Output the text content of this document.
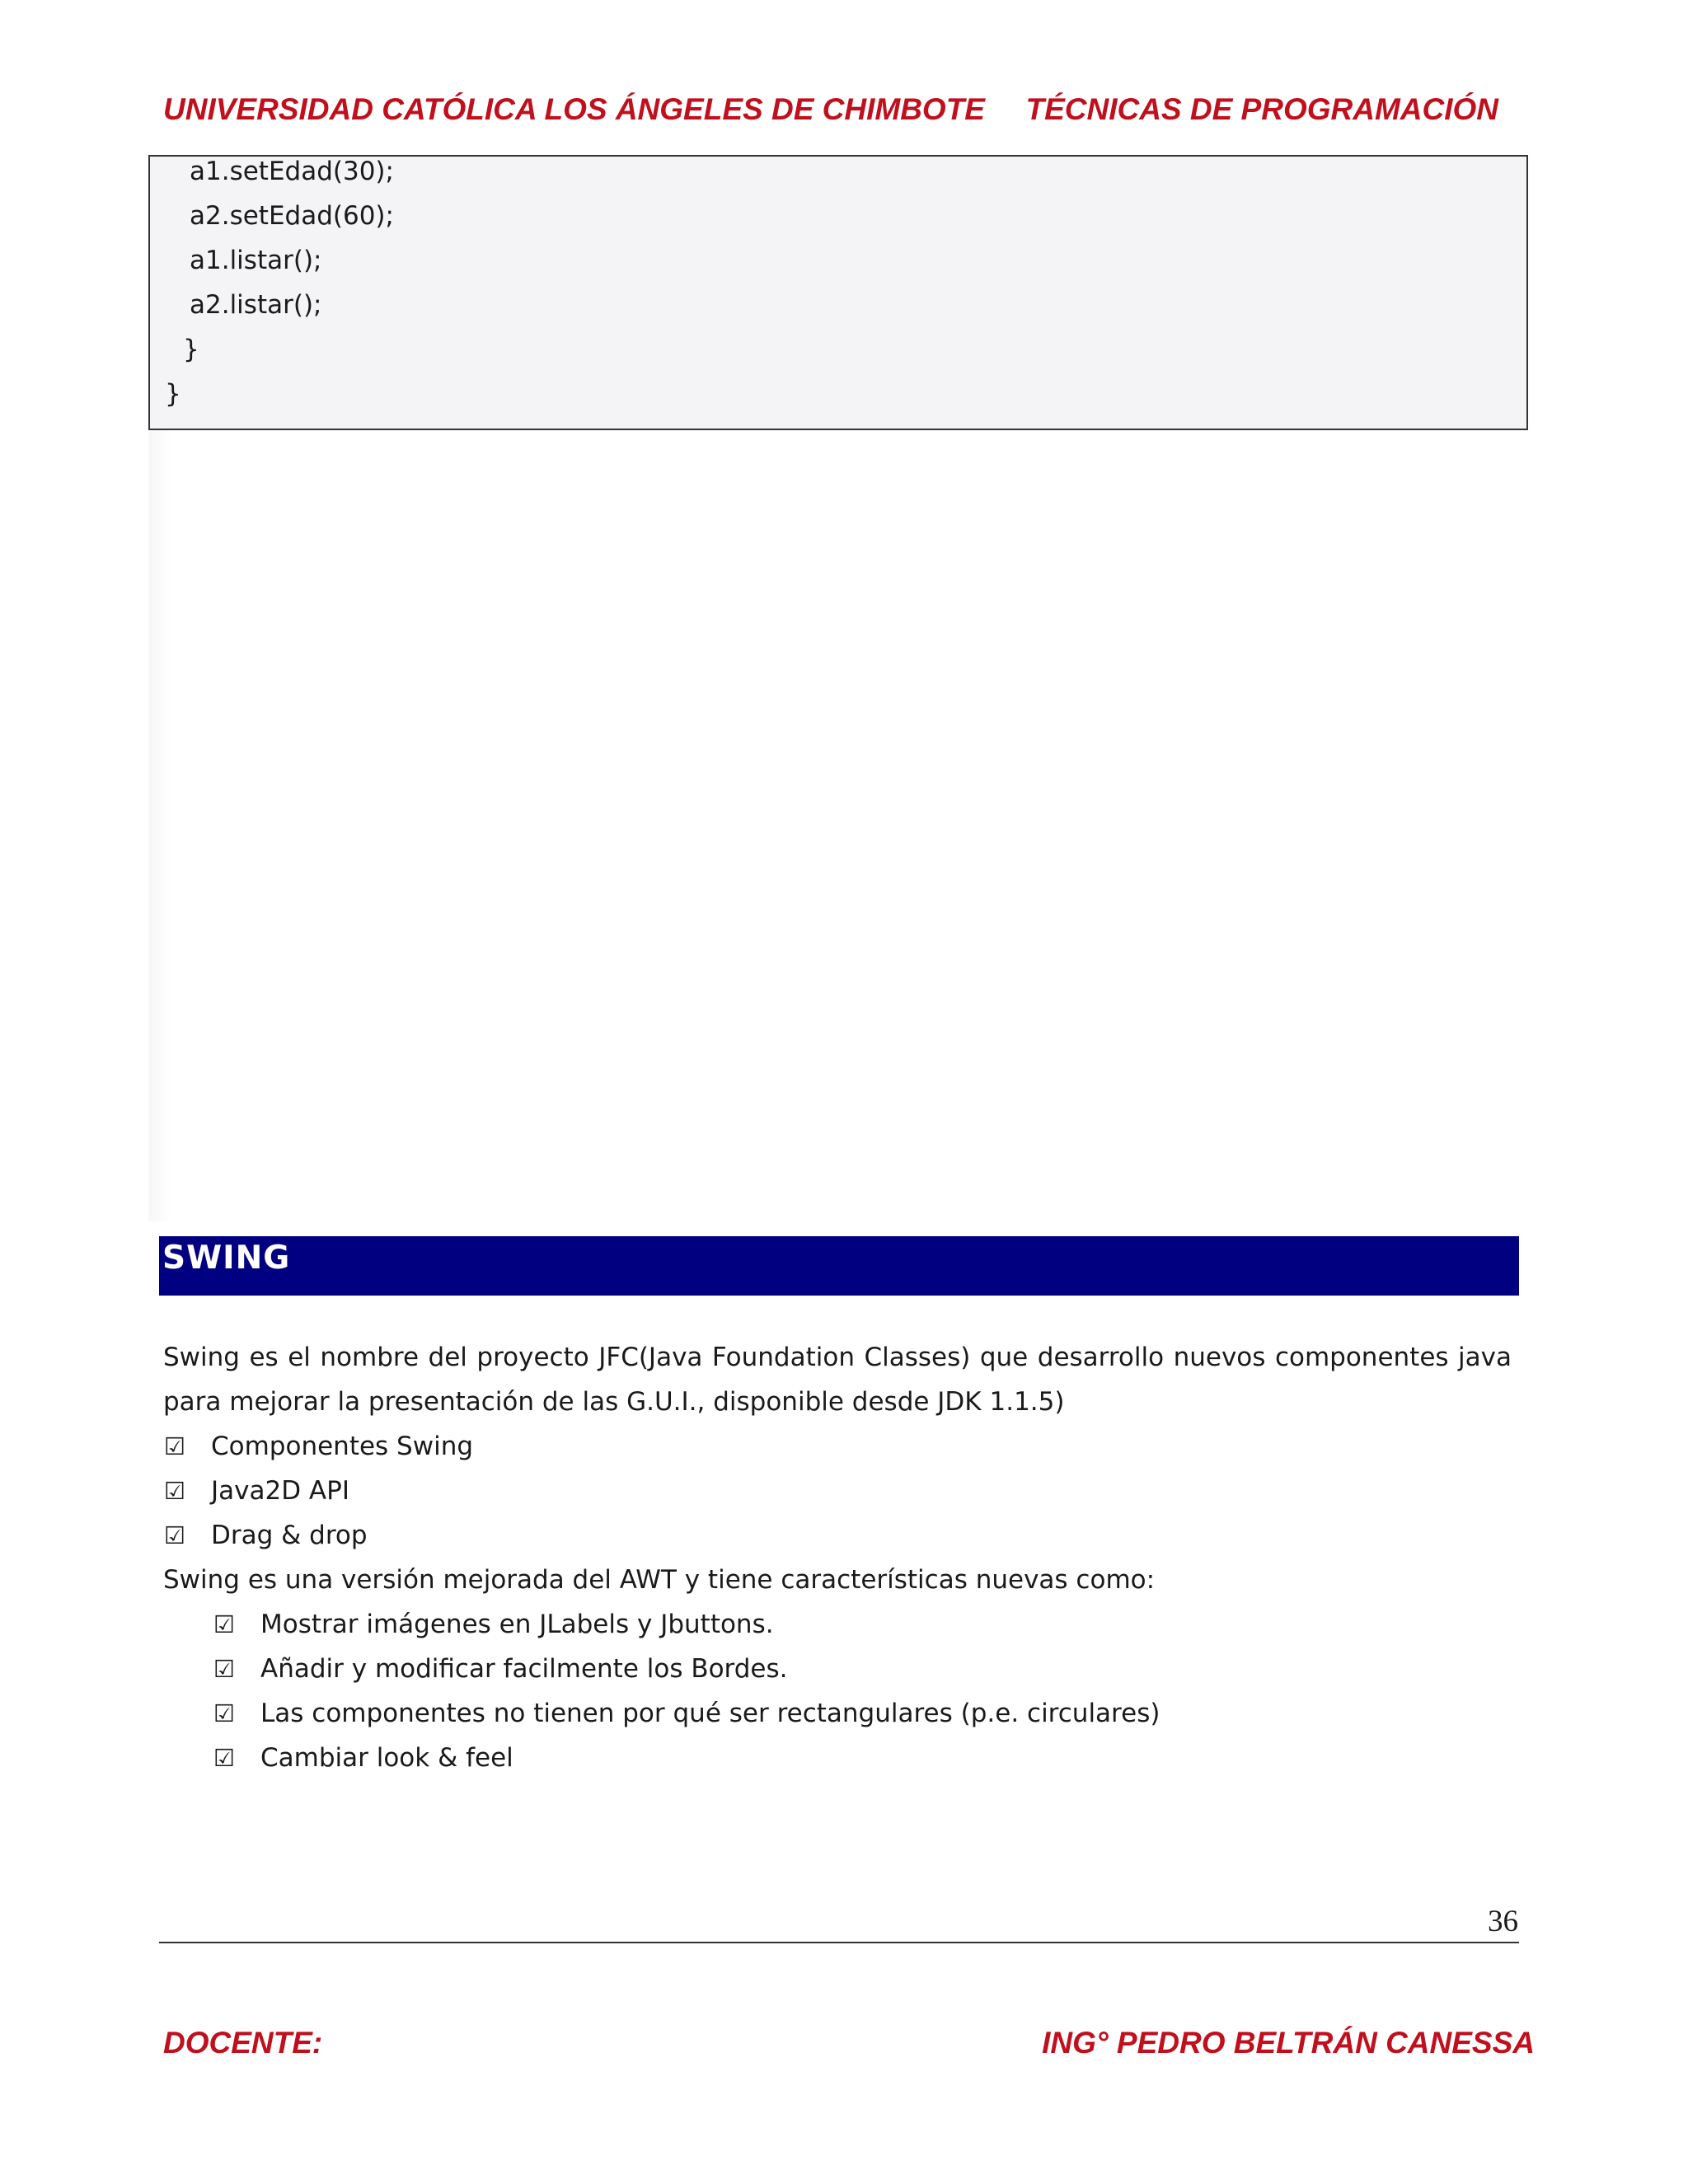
UNIVERSIDAD CATÓLICA LOS ÁNGELES DE CHIMBOTE TÉCNICAS DE PROGRAMACIÓN
a1.setEdad(30);
a2.setEdad(60);
a1.listar();
a2.listar();
}
}
SWING

Swing es el nombre del proyecto JFC(Java Foundation Classes) que desarrollo nuevos componentes java para mejorar la presentación de las G.U.I., disponible desde JDK 1.1.5)

☑ Componentes Swing
☑ Java2D API
☑ Drag & drop

Swing es una versión mejorada del AWT y tiene características nuevas como:

☑ Mostrar imágenes en JLabels y Jbuttons.
☑ Añadir y modificar facilmente los Bordes.
☑ Las componentes no tienen por qué ser rectangulares (p.e. circulares)
☑ Cambiar look & feel
36
DOCENTE:	ING° PEDRO BELTRÁN CANESSA
